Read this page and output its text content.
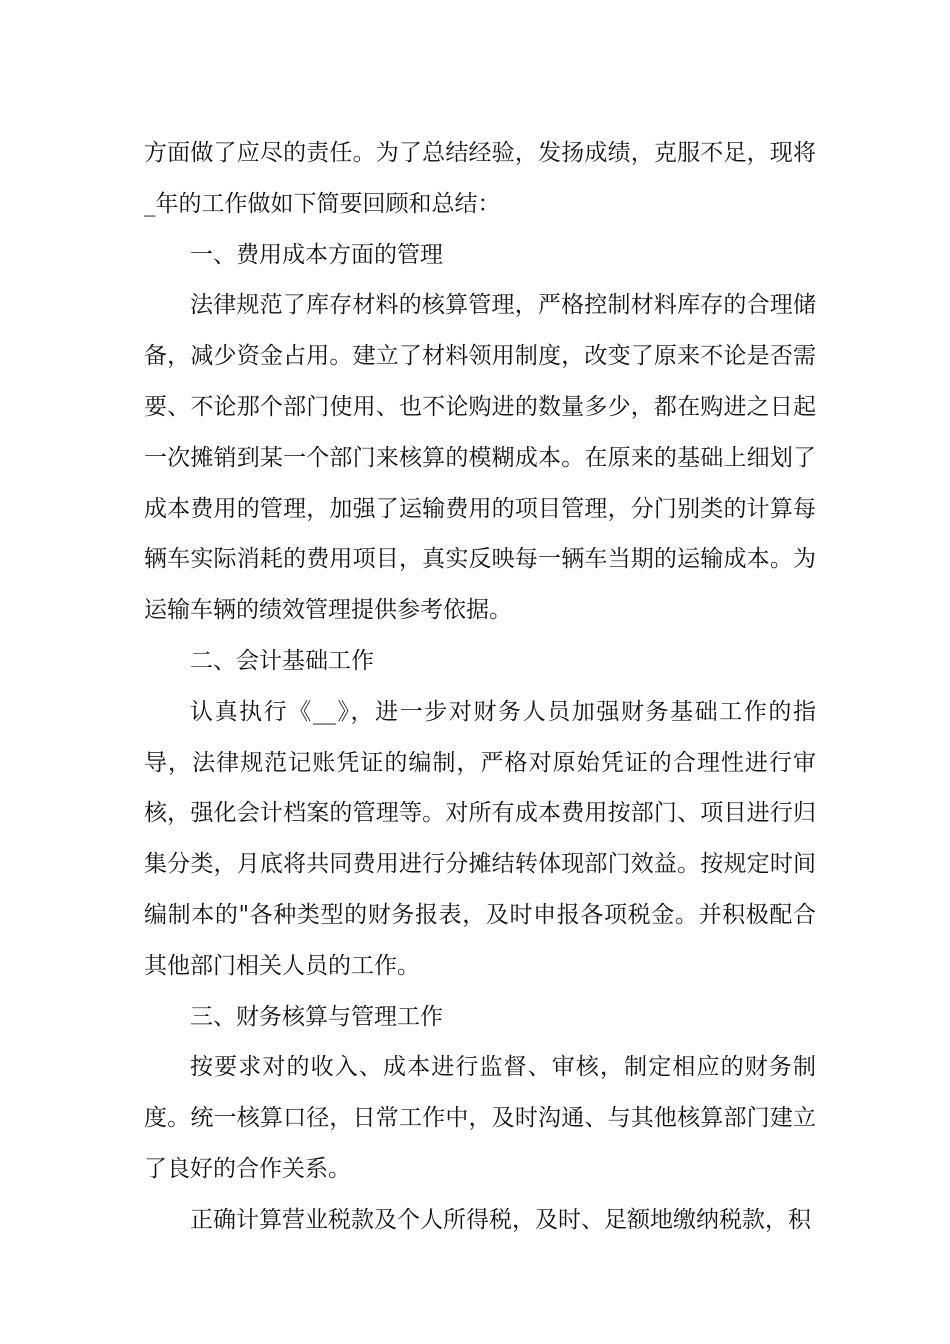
方面做了应尽的责任。为了总结经验，发扬成绩，克服不足，现将_年的工作做如下简要回顾和总结：

一、费用成本方面的管理

法律规范了库存材料的核算管理，严格控制材料库存的合理储备，减少资金占用。建立了材料领用制度，改变了原来不论是否需要、不论那个部门使用、也不论购进的数量多少，都在购进之日起一次摊销到某一个部门来核算的模糊成本。在原来的基础上细划了成本费用的管理，加强了运输费用的项目管理，分门别类的计算每辆车实际消耗的费用项目，真实反映每一辆车当期的运输成本。为运输车辆的绩效管理提供参考依据。

二、会计基础工作

认真执行《__》，进一步对财务人员加强财务基础工作的指导，法律规范记账凭证的编制，严格对原始凭证的合理性进行审核，强化会计档案的管理等。对所有成本费用按部门、项目进行归集分类，月底将共同费用进行分摊结转体现部门效益。按规定时间编制本的"各种类型的财务报表，及时申报各项税金。并积极配合其他部门相关人员的工作。

三、财务核算与管理工作

按要求对的收入、成本进行监督、审核，制定相应的财务制度。统一核算口径，日常工作中，及时沟通、与其他核算部门建立了良好的合作关系。

正确计算营业税款及个人所得税，及时、足额地缴纳税款，积
